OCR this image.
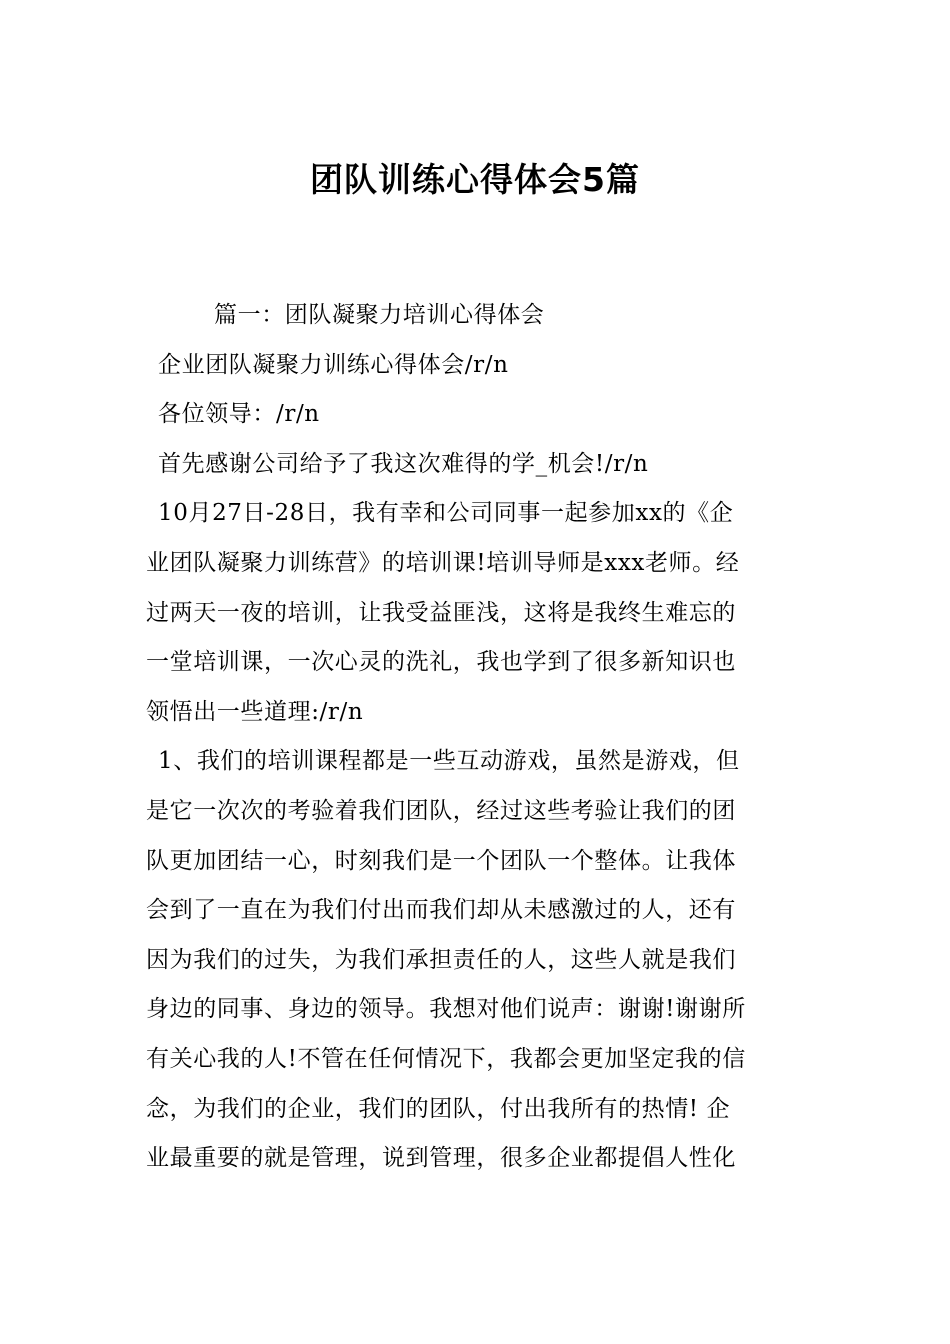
团队训练心得体会5篇

篇一：团队凝聚力培训心得体会

企业团队凝聚力训练心得体会/r/n

各位领导：/r/n

首先感谢公司给予了我这次难得的学_机会!/r/n

10月27日-28日，我有幸和公司同事一起参加xx的《企

业团队凝聚力训练营》的培训课!培训导师是xxx老师。经

过两天一夜的培训，让我受益匪浅，这将是我终生难忘的

一堂培训课，一次心灵的洗礼，我也学到了很多新知识也

领悟出一些道理:/r/n

1、我们的培训课程都是一些互动游戏，虽然是游戏，但

是它一次次的考验着我们团队，经过这些考验让我们的团

队更加团结一心，时刻我们是一个团队一个整体。让我体

会到了一直在为我们付出而我们却从未感激过的人，还有

因为我们的过失，为我们承担责任的人，这些人就是我们

身边的同事、身边的领导。我想对他们说声：谢谢!谢谢所

有关心我的人!不管在任何情况下，我都会更加坚定我的信

念，为我们的企业，我们的团队，付出我所有的热情! 企

业最重要的就是管理，说到管理，很多企业都提倡人性化
